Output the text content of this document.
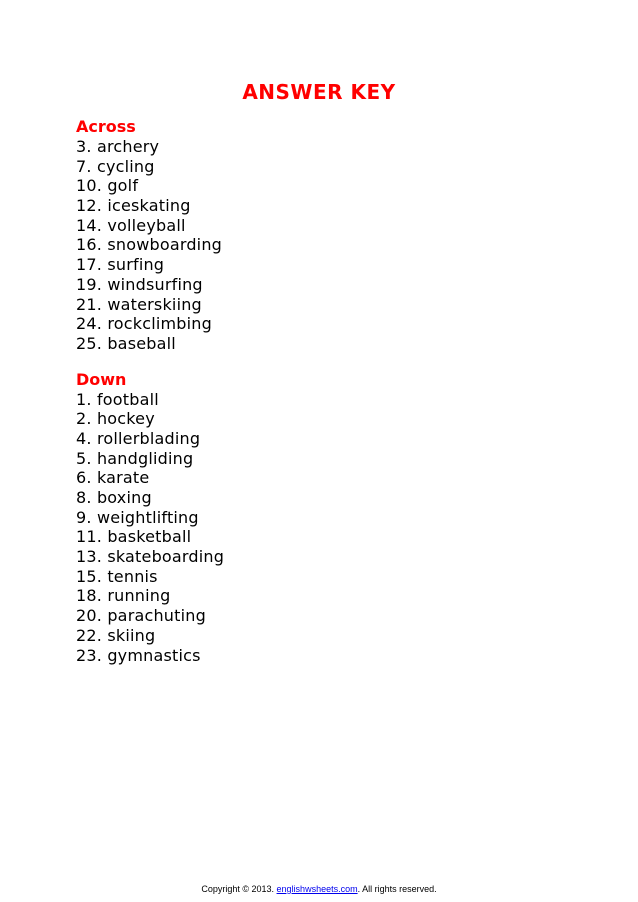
ANSWER KEY
Across
3. archery
7. cycling
10. golf
12. iceskating
14. volleyball
16. snowboarding
17. surfing
19. windsurfing
21. waterskiing
24. rockclimbing
25. baseball
Down
1. football
2. hockey
4. rollerblading
5. handgliding
6. karate
8. boxing
9. weightlifting
11. basketball
13. skateboarding
15. tennis
18. running
20. parachuting
22. skiing
23. gymnastics
Copyright © 2013. englishwsheets.com. All rights reserved.
